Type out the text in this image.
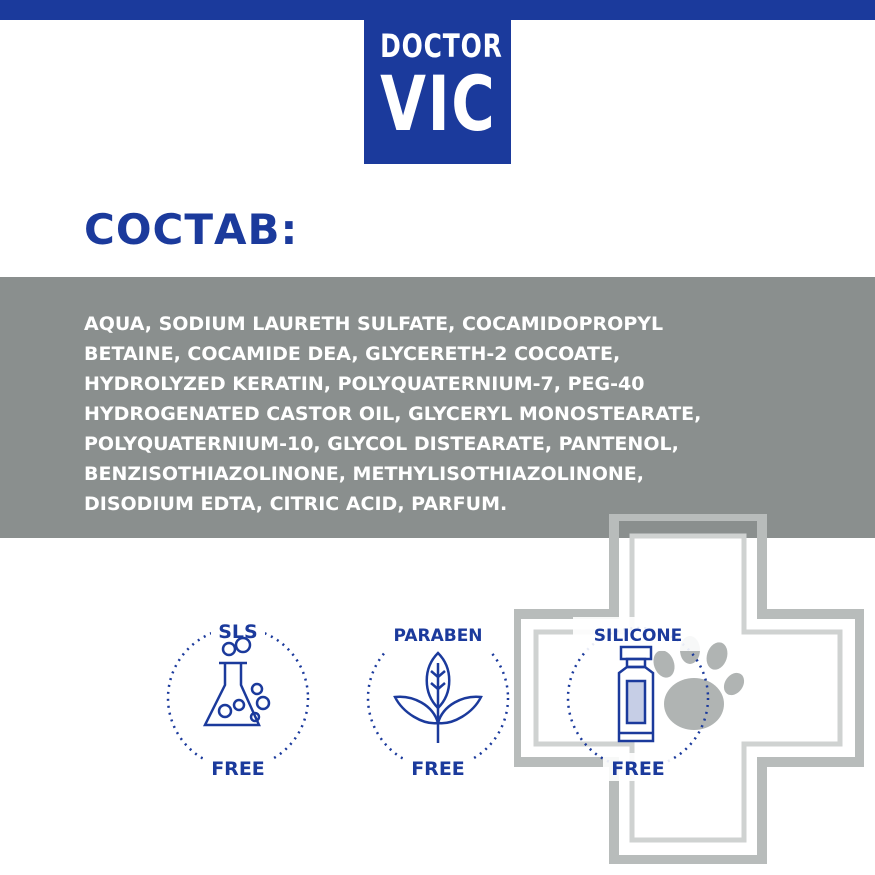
DOCTOR
VIC
СОСТАВ:

AQUA, SODIUM LAURETH SULFATE, COCAMIDOPROPYL
BETAINE, COCAMIDE DEA, GLYCERETH-2 COCOATE,
HYDROLYZED KERATIN, POLYQUATERNIUM-7, PEG-40
HYDROGENATED CASTOR OIL, GLYCERYL MONOSTEARATE,
POLYQUATERNIUM-10, GLYCOL DISTEARATE, PANTENOL,
BENZISOTHIAZOLINONE, METHYLISOTHIAZOLINONE,
DISODIUM EDTA, CITRIC ACID, PARFUM.

SLS
FREE
PARABEN
FREE
SILICONE
FREE
